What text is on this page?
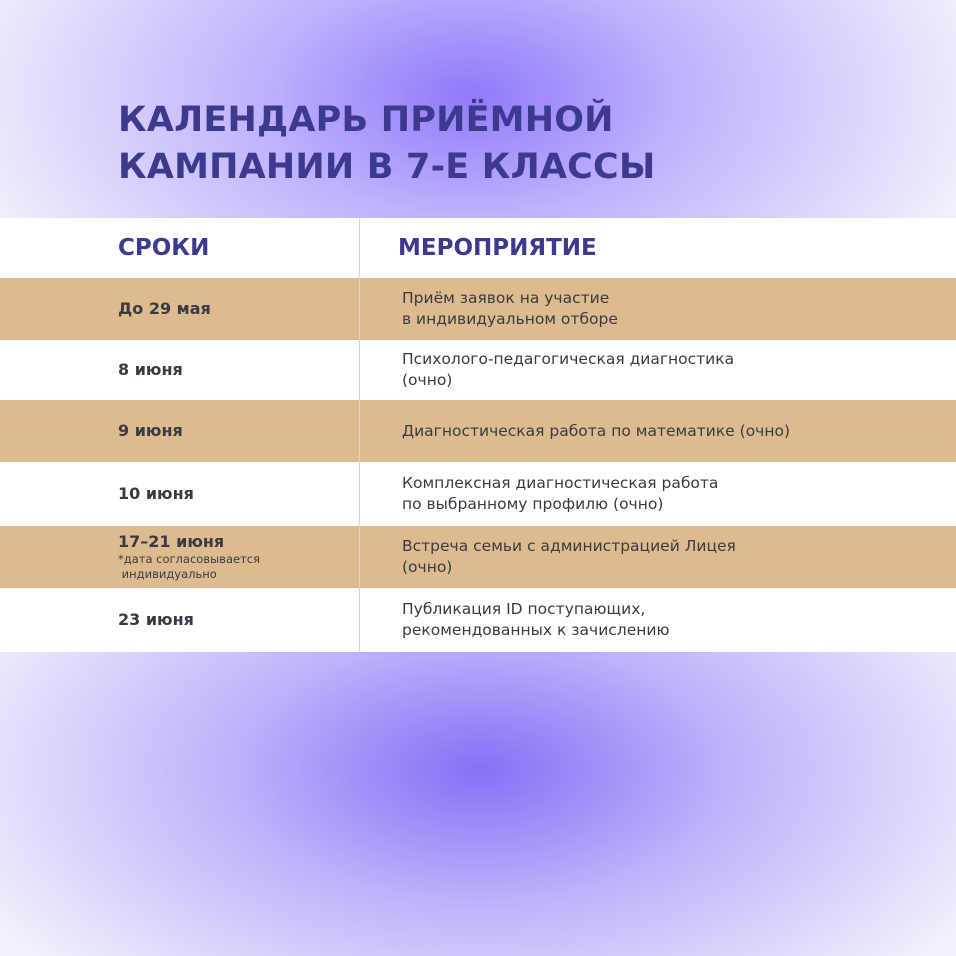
КАЛЕНДАРЬ ПРИЁМНОЙ
КАМПАНИИ В 7-Е КЛАССЫ
СРОКИ	МЕРОПРИЯТИЕ
До 29 мая
Приём заявок на участие
в индивидуальном отборе
8 июня
Психолого-педагогическая диагностика
(очно)
9 июня	Диагностическая работа по математике (очно)
10 июня
Комплексная диагностическая работа
по выбранному профилю (очно)
17–21 июня
*дата согласовывается
индивидуально
Встреча семьи с администрацией Лицея
(очно)
23 июня
Публикация ID поступающих,
рекомендованных к зачислению
